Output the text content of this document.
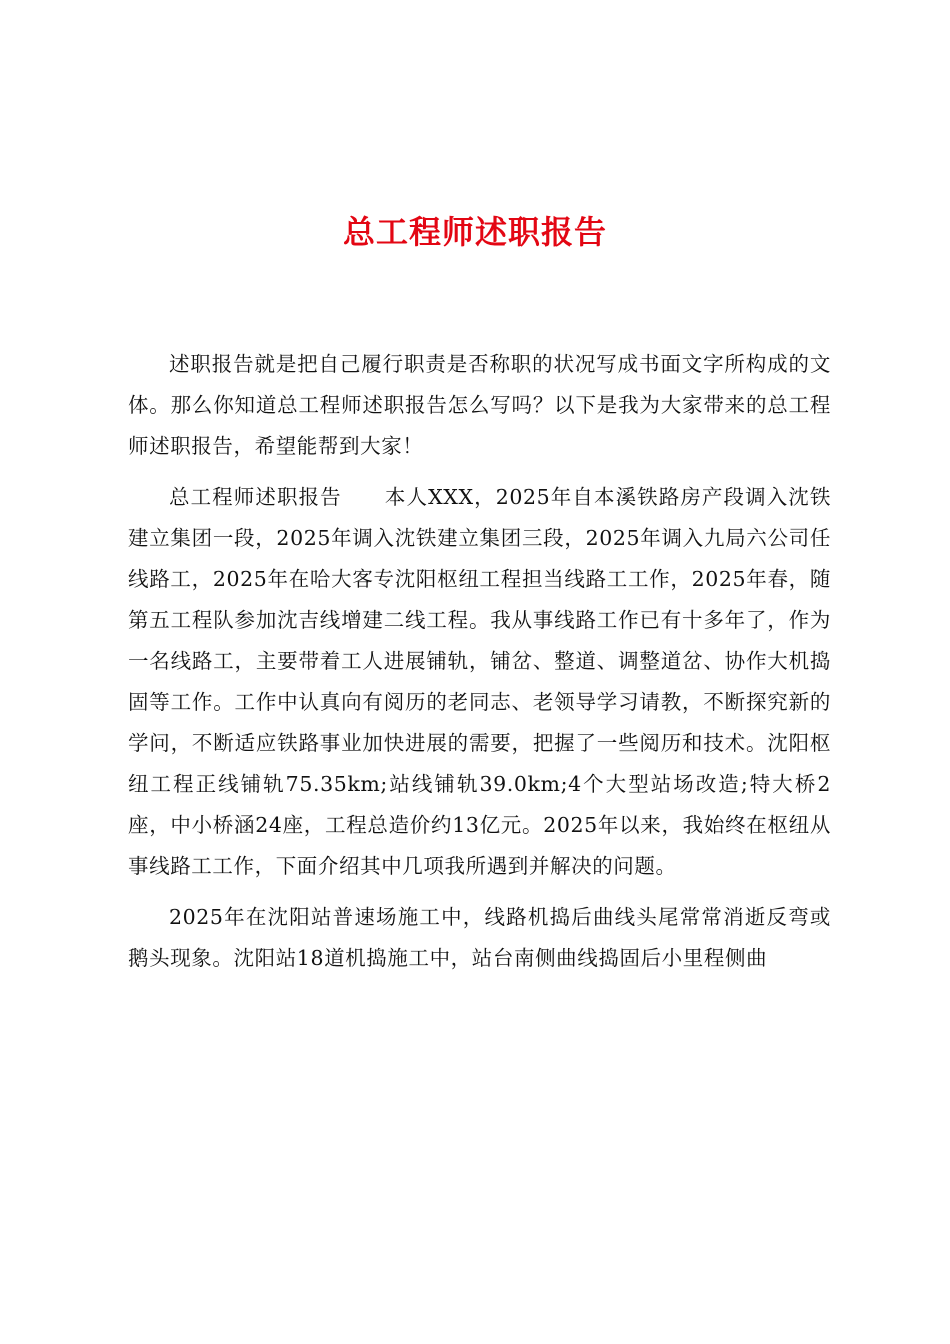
总工程师述职报告

述职报告就是把自己履行职责是否称职的状况写成书面文字所构成的文体。那么你知道总工程师述职报告怎么写吗？以下是我为大家带来的总工程师述职报告，希望能帮到大家！

总工程师述职报告　　本人XXX，2025年自本溪铁路房产段调入沈铁建立集团一段，2025年调入沈铁建立集团三段，2025年调入九局六公司任线路工，2025年在哈大客专沈阳枢纽工程担当线路工工作，2025年春，随第五工程队参加沈吉线增建二线工程。我从事线路工作已有十多年了，作为一名线路工，主要带着工人进展铺轨，铺岔、整道、调整道岔、协作大机捣固等工作。工作中认真向有阅历的老同志、老领导学习请教，不断探究新的学问，不断适应铁路事业加快进展的需要，把握了一些阅历和技术。沈阳枢纽工程正线铺轨75.35km;站线铺轨39.0km;4个大型站场改造;特大桥2座，中小桥涵24座，工程总造价约13亿元。2025年以来，我始终在枢纽从事线路工工作，下面介绍其中几项我所遇到并解决的问题。

2025年在沈阳站普速场施工中，线路机捣后曲线头尾常常消逝反弯或鹅头现象。沈阳站18道机捣施工中，站台南侧曲线捣固后小里程侧曲
